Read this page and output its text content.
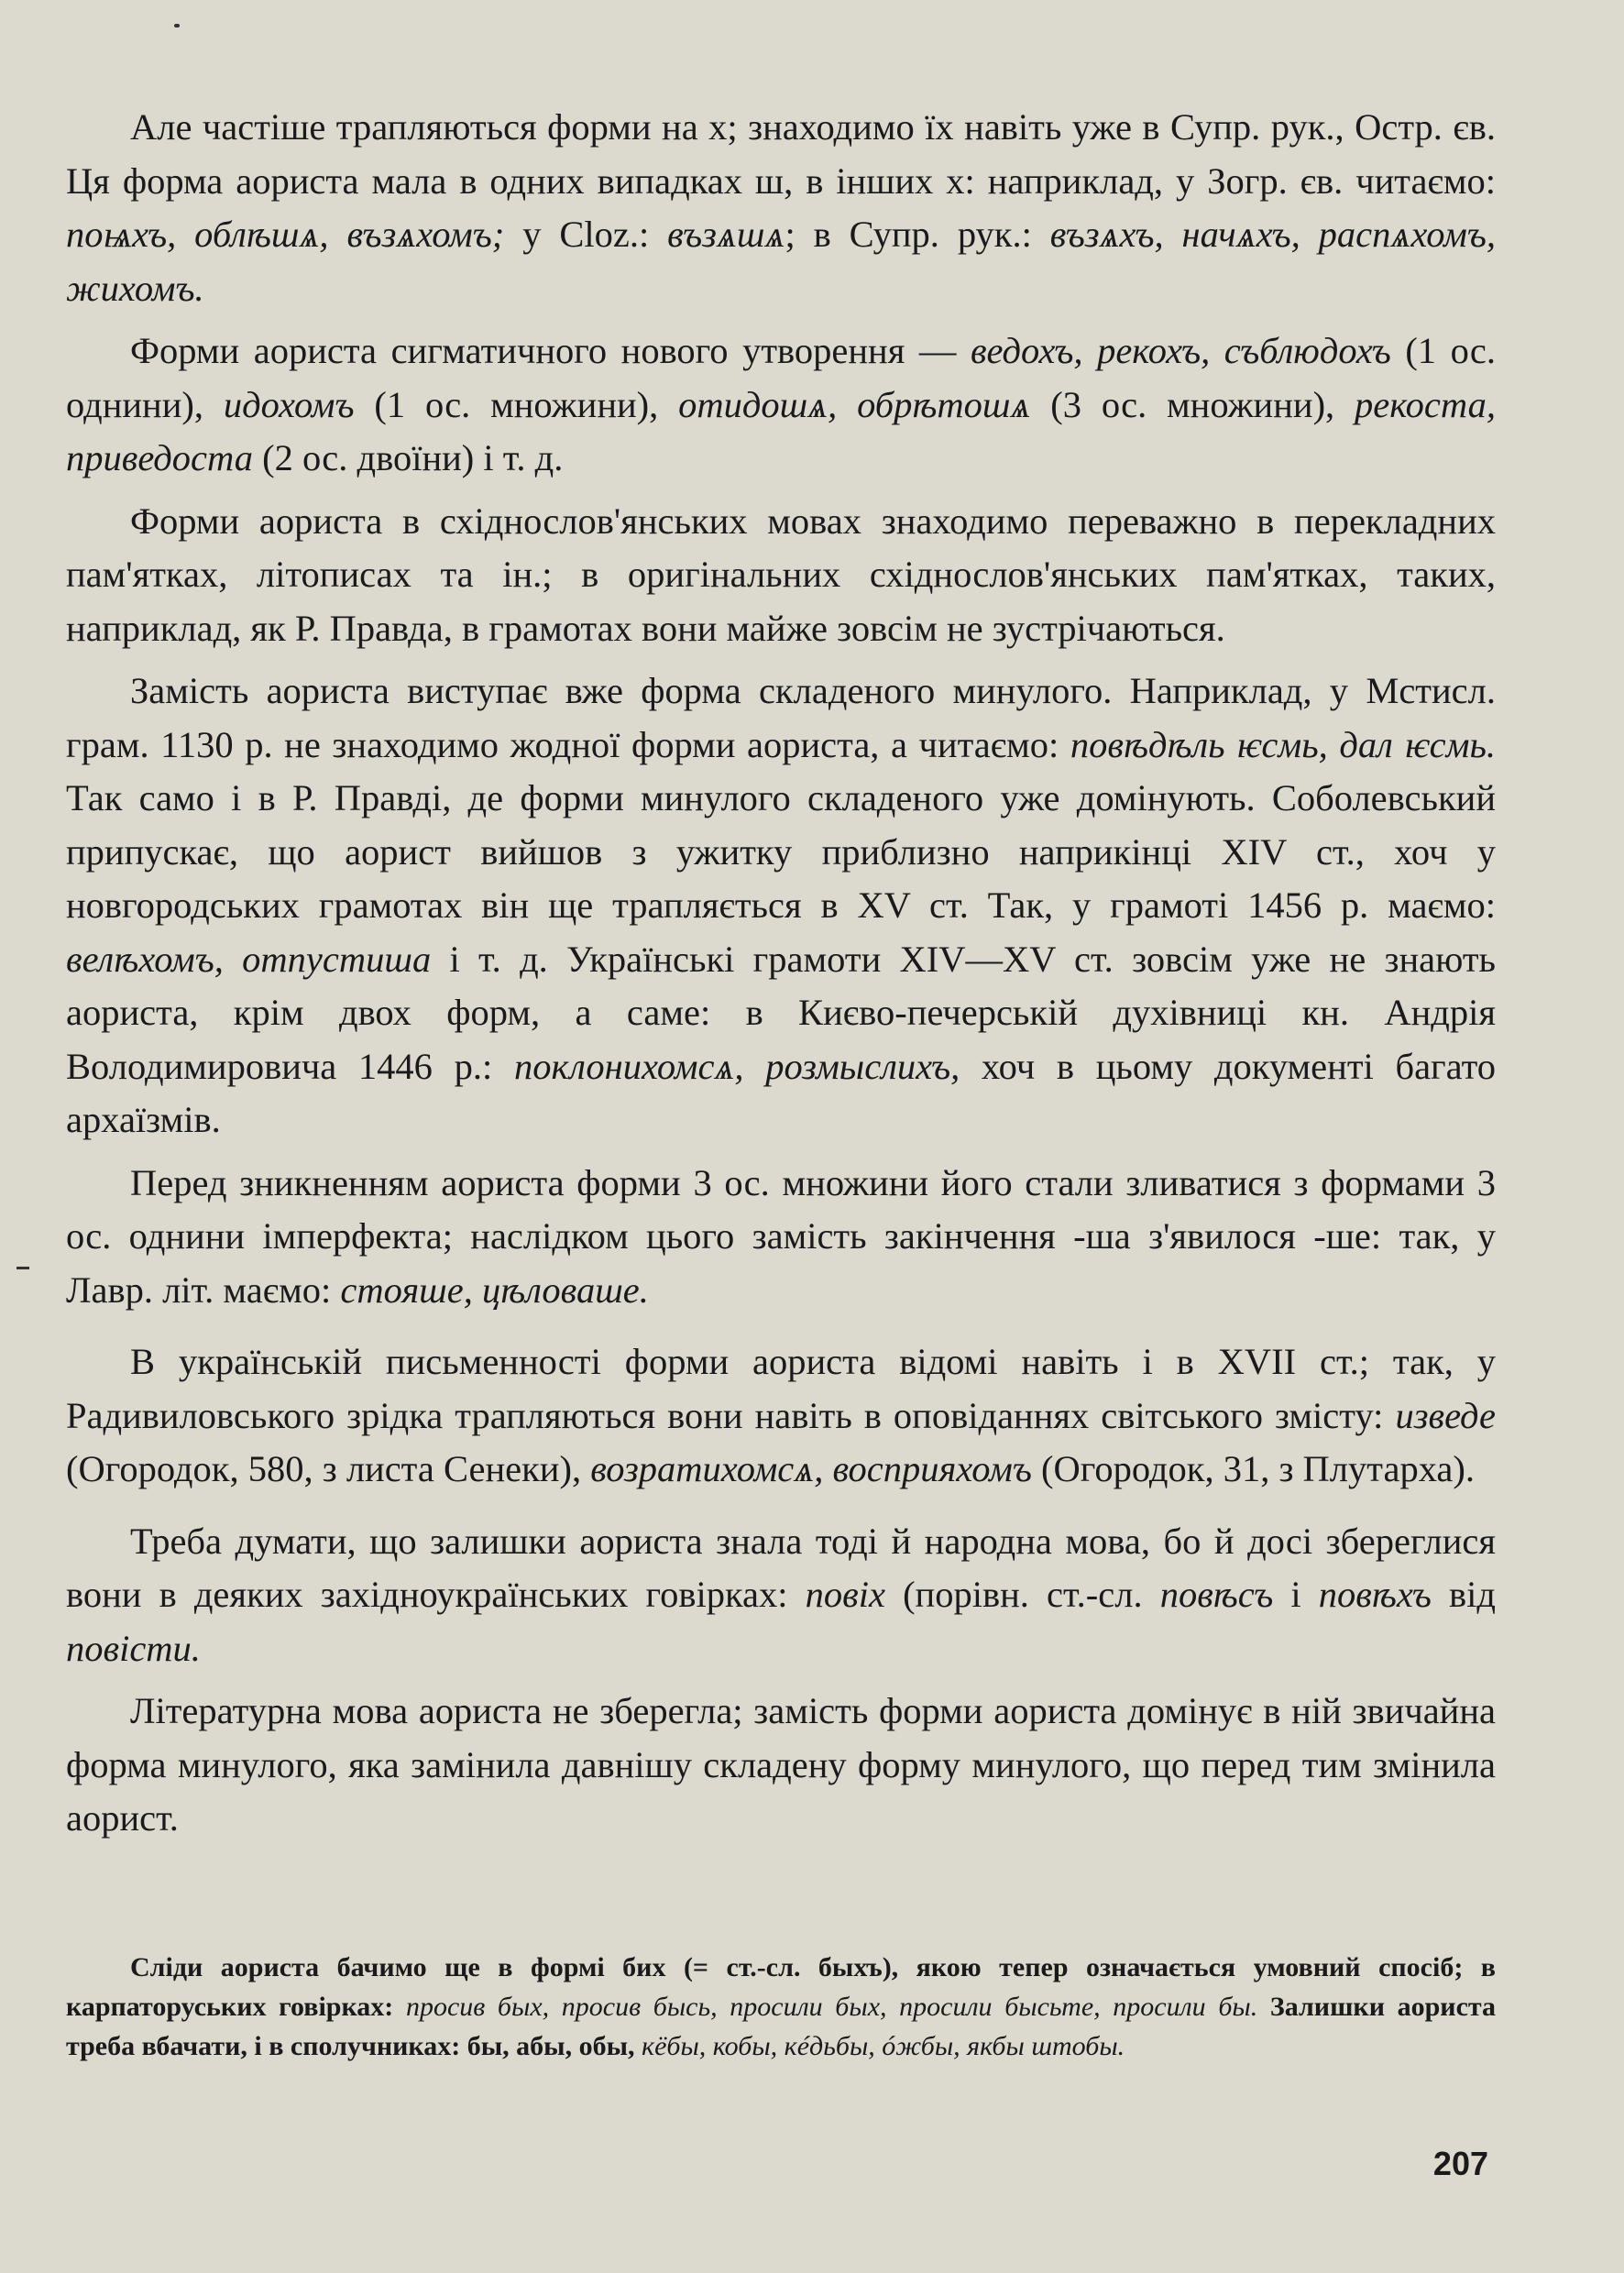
Але частіше трапляються форми на х; знаходимо їх навіть уже в Супр. рук., Остр. єв. Ця форма аориста мала в одних випадках ш, в інших х: наприклад, у Зогр. єв. читаємо: поѩхъ, облѣшѧ, възѧхомъ; у Cloz.: възѧшѧ; в Супр. рук.: възѧхъ, начѧхъ, распѧхомъ, жихомъ.

Форми аориста сигматичного нового утворення — ведохъ, рекохъ, съблюдохъ (1 ос. однини), идохомъ (1 ос. множини), отидошѧ, обрѣтошѧ (3 ос. множини), рекоста, приведоста (2 ос. двоїни) і т. д.

Форми аориста в східнослов'янських мовах знаходимо переважно в перекладних пам'ятках, літописах та ін.; в оригінальних східнослов'янських пам'ятках, таких, наприклад, як Р. Правда, в грамотах вони майже зовсім не зустрічаються.

Замість аориста виступає вже форма складеного минулого. Наприклад, у Мстисл. грам. 1130 р. не знаходимо жодної форми аориста, а читаємо: повѣдѣль ѥсмь, дал ѥсмь. Так само і в Р. Правді, де форми минулого складеного уже домінують. Соболевський припускає, що аорист вийшов з ужитку приблизно наприкінці XIV ст., хоч у новгородських грамотах він ще трапляється в XV ст. Так, у грамоті 1456 р. маємо: велѣхомъ, отпустиша і т. д. Українські грамоти XIV—XV ст. зовсім уже не знають аориста, крім двох форм, а саме: в Києво-печерській духівниці кн. Андрія Володимировича 1446 р.: поклонихомсѧ, розмыслихъ, хоч в цьому документі багато архаїзмів.

Перед зникненням аориста форми 3 ос. множини його стали зливатися з формами 3 ос. однини імперфекта; наслідком цього замість закінчення -ша з'явилося -ше: так, у Лавр. літ. маємо: стояше, цѣловаше.

В українській письменності форми аориста відомі навіть і в XVII ст.; так, у Радивиловського зрідка трапляються вони навіть в оповіданнях світського змісту: изведе (Огородок, 580, з листа Сенеки), возратихомсѧ, восприяхомъ (Огородок, 31, з Плутарха).

Треба думати, що залишки аориста знала тоді й народна мова, бо й досі збереглися вони в деяких західноукраїнських говірках: повіх (порівн. ст.-сл. повѣсъ і повѣхъ від повісти.

Літературна мова аориста не зберегла; замість форми аориста домінує в ній звичайна форма минулого, яка замінила давнішу складену форму минулого, що перед тим змінила аорист.

Сліди аориста бачимо ще в формі бих (= ст.-сл. быхъ), якою тепер означається умовний спосіб; в карпаторуських говірках: просив бых, просив бысь, просили бых, просили бысьте, просили бы. Залишки аориста треба вбачати, і в сполучниках: бы, абы, обы, кёбы, кобы, кéдьбы, óжбы, якбы штобы.

207
